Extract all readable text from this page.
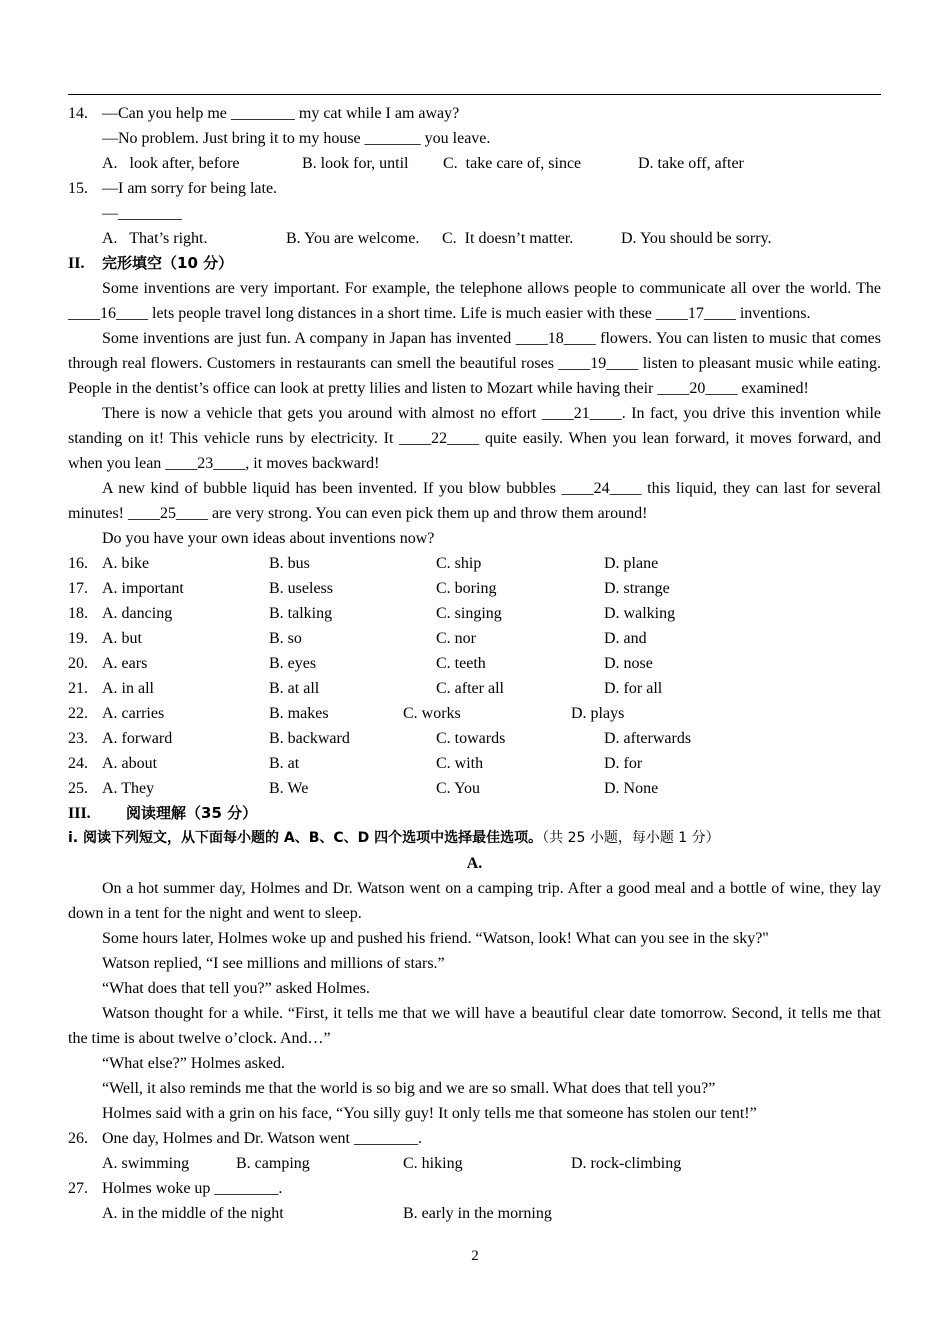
14. —Can you help me ________ my cat while I am away?
—No problem. Just bring it to my house _______ you leave.
A.   look after, before	B. look for, until C.  take care of, since	D. take off, after
15. —I am sorry for being late.
—________
A.   That’s right.	B. You are welcome. C.  It doesn’t matter.	D. You should be sorry.
II. 完形填空（10 分）

Some inventions are very important. For example, the telephone allows people to communicate all over the world. The ____16____ lets people travel long distances in a short time. Life is much easier with these ____17____ inventions.

Some inventions are just fun. A company in Japan has invented ____18____ flowers. You can listen to music that comes through real flowers. Customers in restaurants can smell the beautiful roses ____19____ listen to pleasant music while eating. People in the dentist’s office can look at pretty lilies and listen to Mozart while having their ____20____ examined!

There is now a vehicle that gets you around with almost no effort ____21____. In fact, you drive this invention while standing on it! This vehicle runs by electricity. It ____22____ quite easily. When you lean forward, it moves forward, and when you lean ____23____, it moves backward!

A new kind of bubble liquid has been invented. If you blow bubbles ____24____ this liquid, they can last for several minutes! ____25____ are very strong. You can even pick them up and throw them around!

Do you have your own ideas about inventions now?

16. A. bike	B. bus	C. ship	D. plane
17. A. important	B. useless	C. boring	D. strange
18. A. dancing	B. talking	C. singing	D. walking
19. A. but	B. so	C. nor	D. and
20. A. ears	B. eyes	C. teeth	D. nose
21. A. in all	B. at all	C. after all	D. for all
22. A. carries	B. makes	C. works	D. plays
23. A. forward	B. backward	C. towards	D. afterwards
24. A. about	B. at	C. with	D. for
25. A. They	B. We	C. You	D. None
III. 阅读理解（35 分）
i. 阅读下列短文，从下面每小题的 A、B、C、D 四个选项中选择最佳选项。（共 25 小题，每小题 1 分）
A.

On a hot summer day, Holmes and Dr. Watson went on a camping trip. After a good meal and a bottle of wine, they lay down in a tent for the night and went to sleep.

Some hours later, Holmes woke up and pushed his friend. “Watson, look! What can you see in the sky?"

Watson replied, “I see millions and millions of stars.”

“What does that tell you?” asked Holmes.

Watson thought for a while. “First, it tells me that we will have a beautiful clear date tomorrow. Second, it tells me that the time is about twelve o’clock. And…”

“What else?” Holmes asked.

“Well, it also reminds me that the world is so big and we are so small. What does that tell you?”

Holmes said with a grin on his face, “You silly guy! It only tells me that someone has stolen our tent!”

26. One day, Holmes and Dr. Watson went ________.
A. swimming	B. camping	C. hiking	D. rock-climbing
27. Holmes woke up ________.
A. in the middle of the night	B. early in the morning
2
